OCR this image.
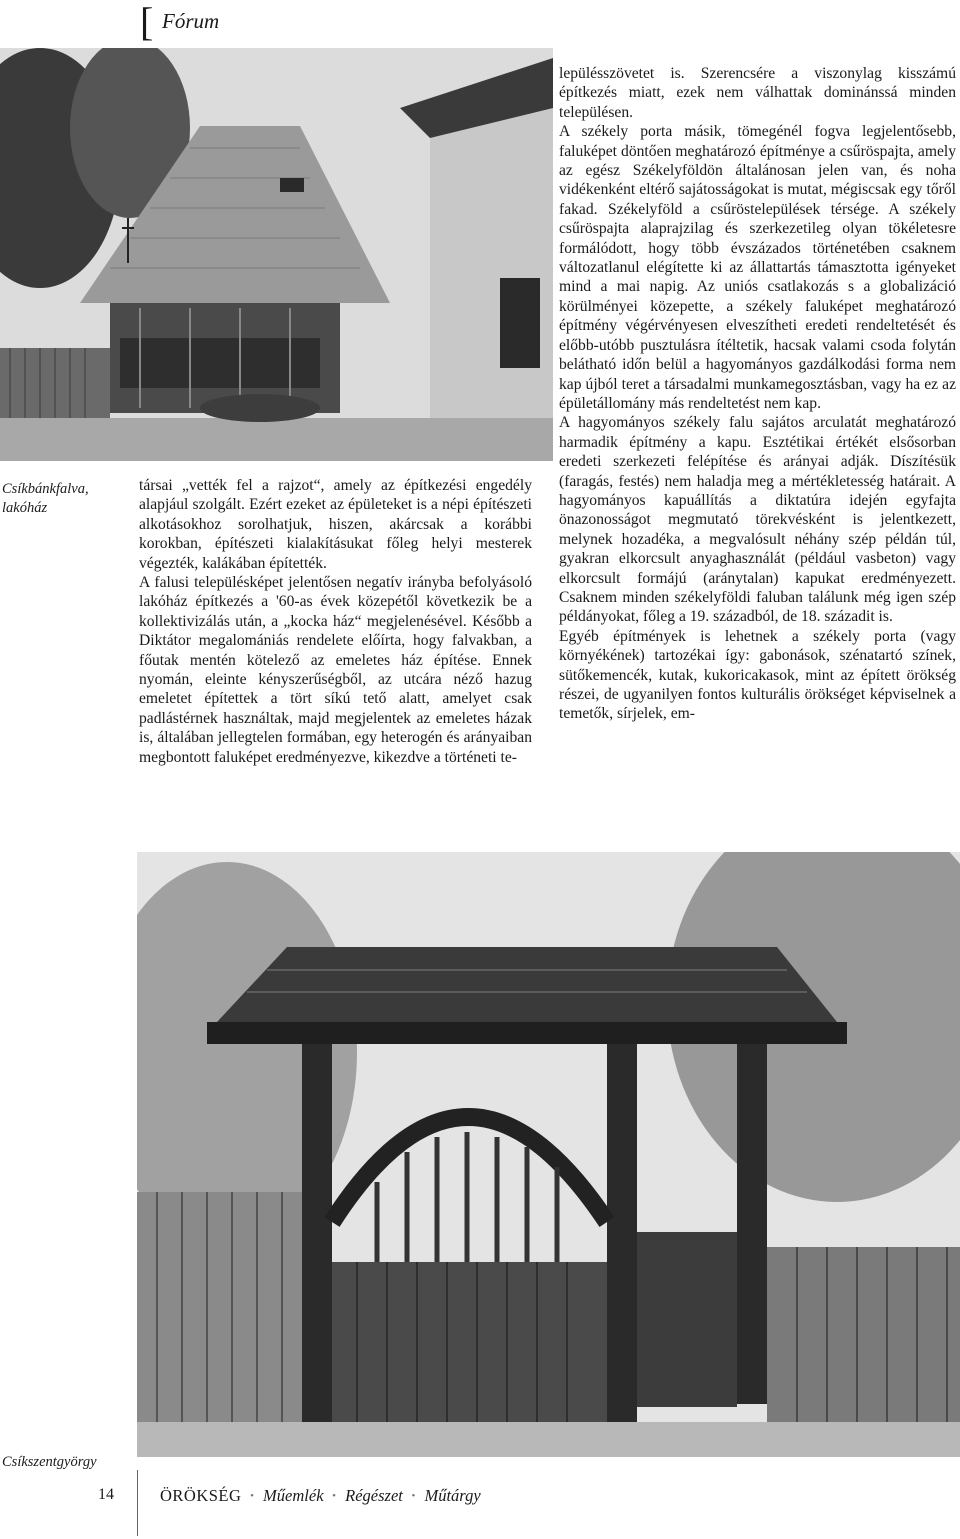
[ Fórum
Csíkbánkfalva, lakóház

társai „vették fel a rajzot“, amely az építkezési engedély alapjául szolgált. Ezért ezeket az épületeket is a népi építészeti alkotásokhoz sorolhatjuk, hiszen, akárcsak a korábbi korokban, építészeti kialakításukat főleg helyi mesterek végezték, kalákában építették.

A falusi településképet jelentősen negatív irányba befolyásoló lakóház építkezés a '60-as évek közepétől következik be a kollektivizálás után, a „kocka ház“ megjelenésével. Később a Diktátor megalomániás rendelete előírta, hogy falvakban, a főutak mentén kötelező az emeletes ház építése. Ennek nyomán, eleinte kényszerűségből, az utcára néző hazug emeletet építettek a tört síkú tető alatt, amelyet csak padlástérnek használtak, majd megjelentek az emeletes házak is, általában jellegtelen formában, egy heterogén és arányaiban megbontott faluképet eredményezve, kikezdve a történeti te-

lepülésszövetet is. Szerencsére a viszonylag kisszámú építkezés miatt, ezek nem válhattak dominánssá minden településen.

A székely porta másik, tömegénél fogva legjelentősebb, faluképet döntően meghatározó építménye a csűröspajta, amely az egész Székelyföldön általánosan jelen van, és noha vidékenként eltérő sajátosságokat is mutat, mégiscsak egy tőről fakad. Székelyföld a csűröstelepülések térsége. A székely csűröspajta alaprajzilag és szerkezetileg olyan tökéletesre formálódott, hogy több évszázados történetében csaknem változatlanul elégítette ki az állattartás támasztotta igényeket mind a mai napig. Az uniós csatlakozás s a globalizáció körülményei közepette, a székely faluképet meghatározó építmény végérvényesen elveszítheti eredeti rendeltetését és előbb-utóbb pusztulásra ítéltetik, hacsak valami csoda folytán belátható időn belül a hagyományos gazdálkodási forma nem kap újból teret a társadalmi munkamegosztásban, vagy ha ez az épületállomány más rendeltetést nem kap.

A hagyományos székely falu sajátos arculatát meghatározó harmadik építmény a kapu. Esztétikai értékét elsősorban eredeti szerkezeti felépítése és arányai adják. Díszítésük (faragás, festés) nem haladja meg a mértékletesség határait. A hagyományos kapuállítás a diktatúra idején egyfajta önazonosságot megmutató törekvésként is jelentkezett, melynek hozadéka, a megvalósult néhány szép példán túl, gyakran elkorcsult anyaghasználát (például vasbeton) vagy elkorcsult formájú (aránytalan) kapukat eredményezett. Csaknem minden székelyföldi faluban találunk még igen szép példányokat, főleg a 19. századból, de 18. századit is.

Egyéb építmények is lehetnek a székely porta (vagy környékének) tartozékai így: gabonások, szénatartó színek, sütőkemencék, kutak, kukoricakasok, mint az épített örökség részei, de ugyanilyen fontos kulturális örökséget képviselnek a temetők, sírjelek, em-

Csíkszentgyörgy
14	ÖRÖKSÉG • Műemlék • Régészet • Műtárgy
